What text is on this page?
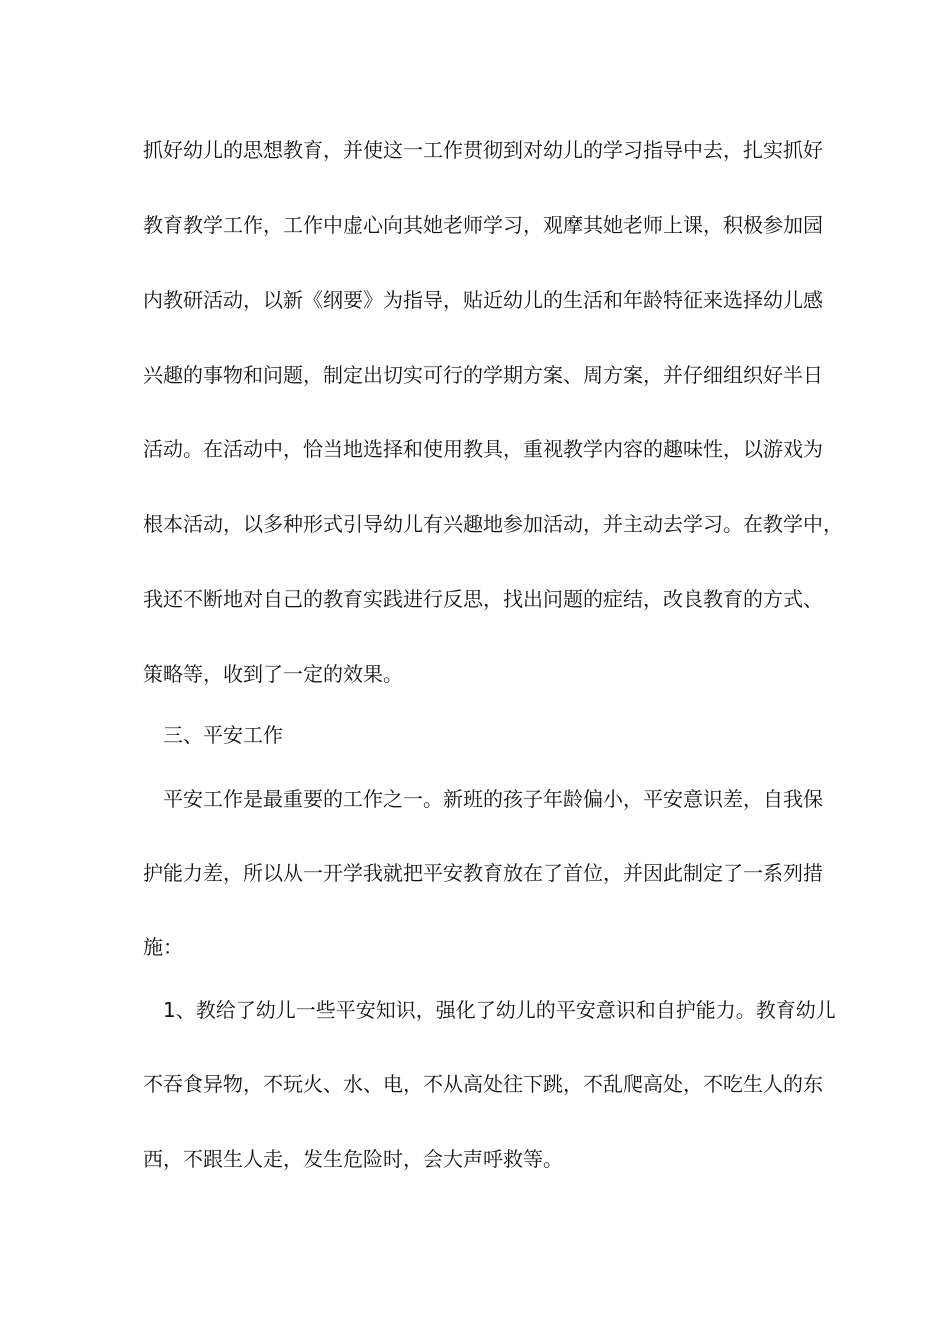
抓好幼儿的思想教育，并使这一工作贯彻到对幼儿的学习指导中去，扎实抓好
教育教学工作，工作中虚心向其她老师学习，观摩其她老师上课，积极参加园
内教研活动，以新《纲要》为指导，贴近幼儿的生活和年龄特征来选择幼儿感
兴趣的事物和问题，制定出切实可行的学期方案、周方案，并仔细组织好半日
活动。在活动中，恰当地选择和使用教具，重视教学内容的趣味性，以游戏为
根本活动，以多种形式引导幼儿有兴趣地参加活动，并主动去学习。在教学中，
我还不断地对自己的教育实践进行反思，找出问题的症结，改良教育的方式、
策略等，收到了一定的效果。
三、平安工作
平安工作是最重要的工作之一。新班的孩子年龄偏小，平安意识差，自我保
护能力差，所以从一开学我就把平安教育放在了首位，并因此制定了一系列措
施：
1、教给了幼儿一些平安知识，强化了幼儿的平安意识和自护能力。教育幼儿
不吞食异物，不玩火、水、电，不从高处往下跳，不乱爬高处，不吃生人的东
西，不跟生人走，发生危险时，会大声呼救等。
